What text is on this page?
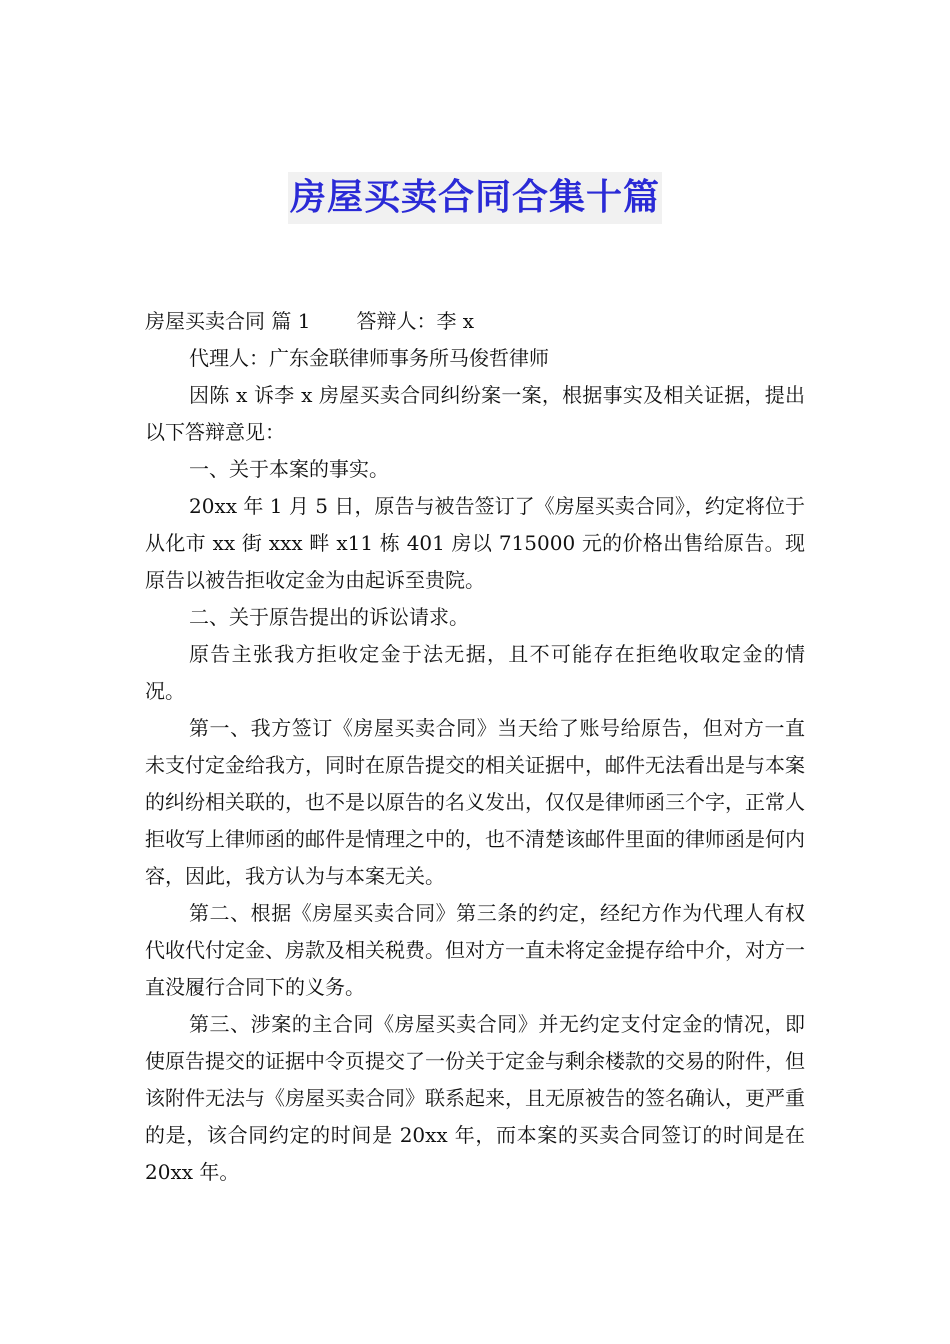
房屋买卖合同合集十篇

房屋买卖合同 篇 1 答辩人：李 x

代理人：广东金联律师事务所马俊哲律师

因陈 x 诉李 x 房屋买卖合同纠纷案一案，根据事实及相关证据，提出以下答辩意见：

一、关于本案的事实。

20xx 年 1 月 5 日，原告与被告签订了《房屋买卖合同》，约定将位于从化市 xx 街 xxx 畔 x11 栋 401 房以 715000 元的价格出售给原告。现原告以被告拒收定金为由起诉至贵院。

二、关于原告提出的诉讼请求。

原告主张我方拒收定金于法无据，且不可能存在拒绝收取定金的情况。

第一、我方签订《房屋买卖合同》当天给了账号给原告，但对方一直未支付定金给我方，同时在原告提交的相关证据中，邮件无法看出是与本案的纠纷相关联的，也不是以原告的名义发出，仅仅是律师函三个字，正常人拒收写上律师函的邮件是情理之中的，也不清楚该邮件里面的律师函是何内容，因此，我方认为与本案无关。

第二、根据《房屋买卖合同》第三条的约定，经纪方作为代理人有权代收代付定金、房款及相关税费。但对方一直未将定金提存给中介，对方一直没履行合同下的义务。

第三、涉案的主合同《房屋买卖合同》并无约定支付定金的情况，即使原告提交的证据中令页提交了一份关于定金与剩余楼款的交易的附件，但该附件无法与《房屋买卖合同》联系起来，且无原被告的签名确认，更严重的是，该合同约定的时间是 20xx 年，而本案的买卖合同签订的时间是在 20xx 年。
